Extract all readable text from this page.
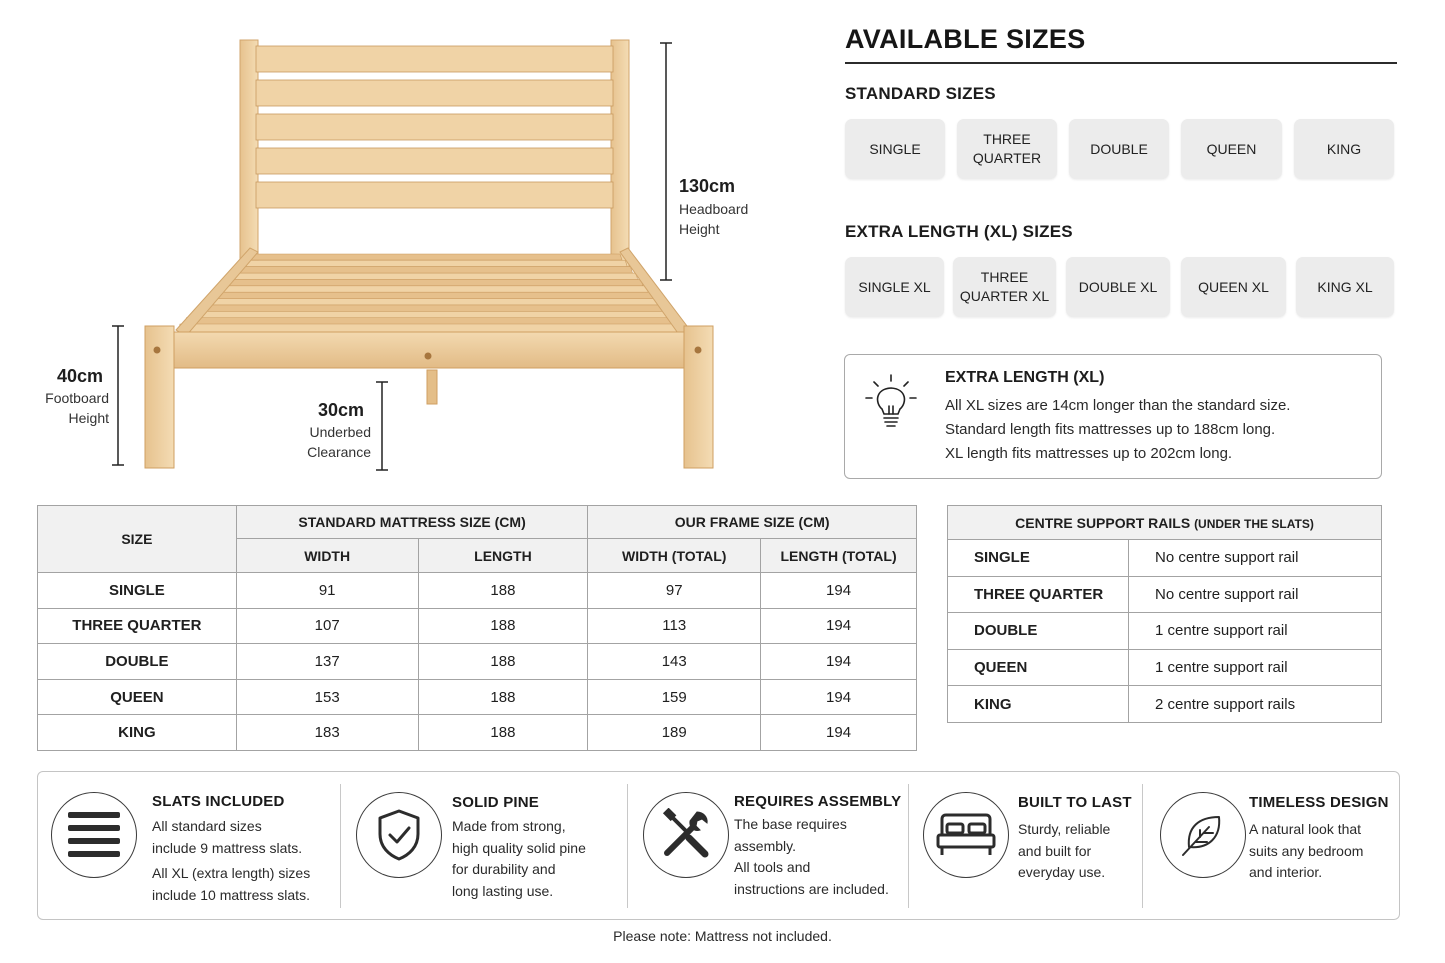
130cm
Headboard
Height
40cm
Footboard
Height	30cm
Underbed
Clearance
AVAILABLE SIZES
STANDARD SIZES
SINGLE
THREE
QUARTER
DOUBLE	QUEEN	KING
EXTRA LENGTH (XL) SIZES
SINGLE XL
THREE
QUARTER XL
DOUBLE XL	QUEEN XL	KING XL
EXTRA LENGTH (XL)
All XL sizes are 14cm longer than the standard size.
Standard length fits mattresses up to 188cm long.
XL length fits mattresses up to 202cm long.
SIZE	STANDARD MATTRESS SIZE (CM)		OUR FRAME SIZE (CM)	
	WIDTH	LENGTH	WIDTH (TOTAL)	LENGTH (TOTAL)
SINGLE	91	188	97	194
THREE QUARTER	107	188	113	194
DOUBLE	137	188	143	194
QUEEN	153	188	159	194
KING	183	188	189	194
CENTRE SUPPORT RAILS (UNDER THE SLATS)	
SINGLE	No centre support rail
THREE QUARTER	No centre support rail
DOUBLE	1 centre support rail
QUEEN	1 centre support rail
KING	2 centre support rails
SLATS INCLUDED
All standard sizes
include 9 mattress slats.
All XL (extra length) sizes
include 10 mattress slats.
SOLID PINE
Made from strong,
high quality solid pine
for durability and
long lasting use.
REQUIRES ASSEMBLY
The base requires
assembly.
All tools and
instructions are included.
BUILT TO LAST
Sturdy, reliable
and built for
everyday use.
TIMELESS DESIGN
A natural look that
suits any bedroom
and interior.
Please note: Mattress not included.
